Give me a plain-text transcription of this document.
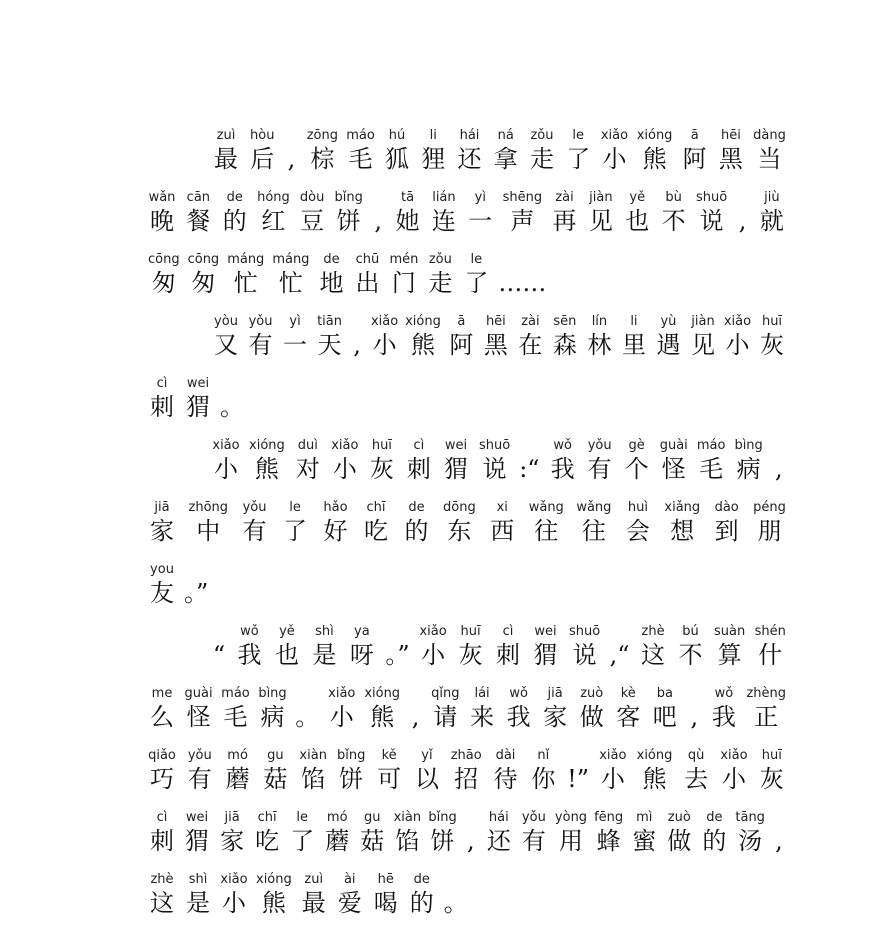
zuì
最
hòu
后 ,
zōng
棕
máo
毛
hú
狐
li
狸
hái
还
ná
拿
zǒu
走
le
了
xiǎo
小
xióng
熊
ā
阿
hēi
黑
dàng
当
wǎn
晚
cān
餐
de
的
hóng
红
dòu
豆
bǐng
饼 ,
tā
她
lián
连
yì
一
shēng
声
zài
再
jiàn
见
yě
也
bù
不
shuō
说 ,
jiù
就
cōng
匆
cōng
匆
máng
忙
máng
忙
de
地
chū
出
mén
门
zǒu
走
le
了 ……
yòu
又
yǒu
有
yì
一
tiān
天 ,
xiǎo
小
xióng
熊
ā
阿
hēi
黑
zài
在
sēn
森
lín
林
li
里
yù
遇
jiàn
见
xiǎo
小
huī
灰
cì
刺
wei
猬 。
xiǎo
小
xióng
熊
duì
对
xiǎo
小
huī
灰
cì
刺
wei
猬
shuō
说 :“
wǒ
我
yǒu
有
gè
个
guài
怪
máo
毛
bìng
病 ,
jiā
家
zhōng
中
yǒu
有
le
了
hǎo
好
chī
吃
de
的
dōng
东
xi
西
wǎng
往
wǎng
往
huì
会
xiǎng
想
dào
到
péng
朋
you
友 。”
“
wǒ
我
yě
也
shì
是
ya
呀 。”
xiǎo
小
huī
灰
cì
刺
wei
猬
shuō
说 ,“
zhè
这
bú
不
suàn
算
shén
什
me
么
guài
怪
máo
毛
bìng
病 。
xiǎo
小
xióng
熊 ,
qǐng
请
lái
来
wǒ
我
jiā
家
zuò
做
kè
客
ba
吧 ,
wǒ
我
zhèng
正
qiǎo
巧
yǒu
有
mó
蘑
gu
菇
xiàn
馅
bǐng
饼
kě
可
yǐ
以
zhāo
招
dài
待
nǐ
你 !”
xiǎo
小
xióng
熊
qù
去
xiǎo
小
huī
灰
cì
刺
wei
猬
jiā
家
chī
吃
le
了
mó
蘑
gu
菇
xiàn
馅
bǐng
饼 ,
hái
还
yǒu
有
yòng
用
fēng
蜂
mì
蜜
zuò
做
de
的
tāng
汤 ,
zhè
这
shì
是
xiǎo
小
xióng
熊
zuì
最
ài
爱
hē
喝
de
的 。
